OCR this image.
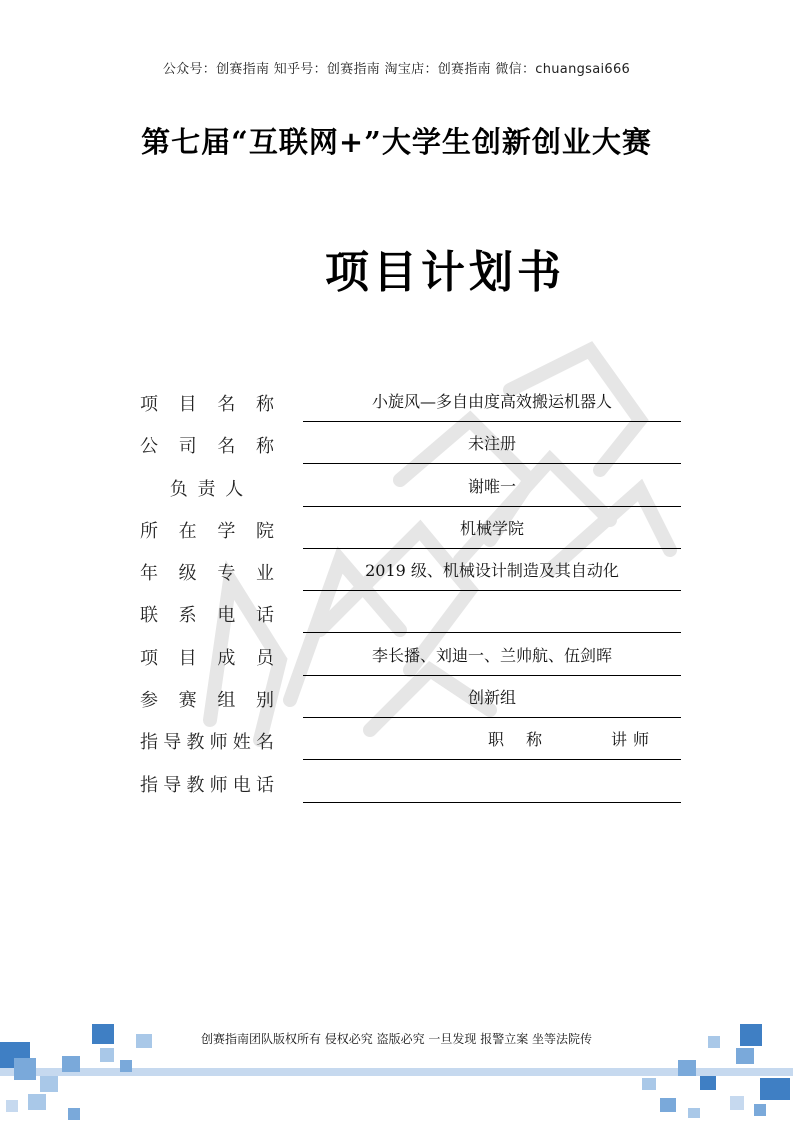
公众号：创赛指南 知乎号：创赛指南 淘宝店：创赛指南 微信：chuangsai666
第七届“互联网+”大学生创新创业大赛
项目计划书
项目名称	小旋风—多自由度高效搬运机器人
公司名称	未注册
负 责 人	谢唯一
所在学院	机械学院
年级专业	2019 级、机械设计制造及其自动化
联系电话
项目成员	李长播、刘迪一、兰帅航、伍剑晖
参赛组别	创新组
指导教师姓名	职称	讲师
指导教师电话
创赛指南团队版权所有 侵权必究 盗版必究 一旦发现 报警立案 坐等法院传
